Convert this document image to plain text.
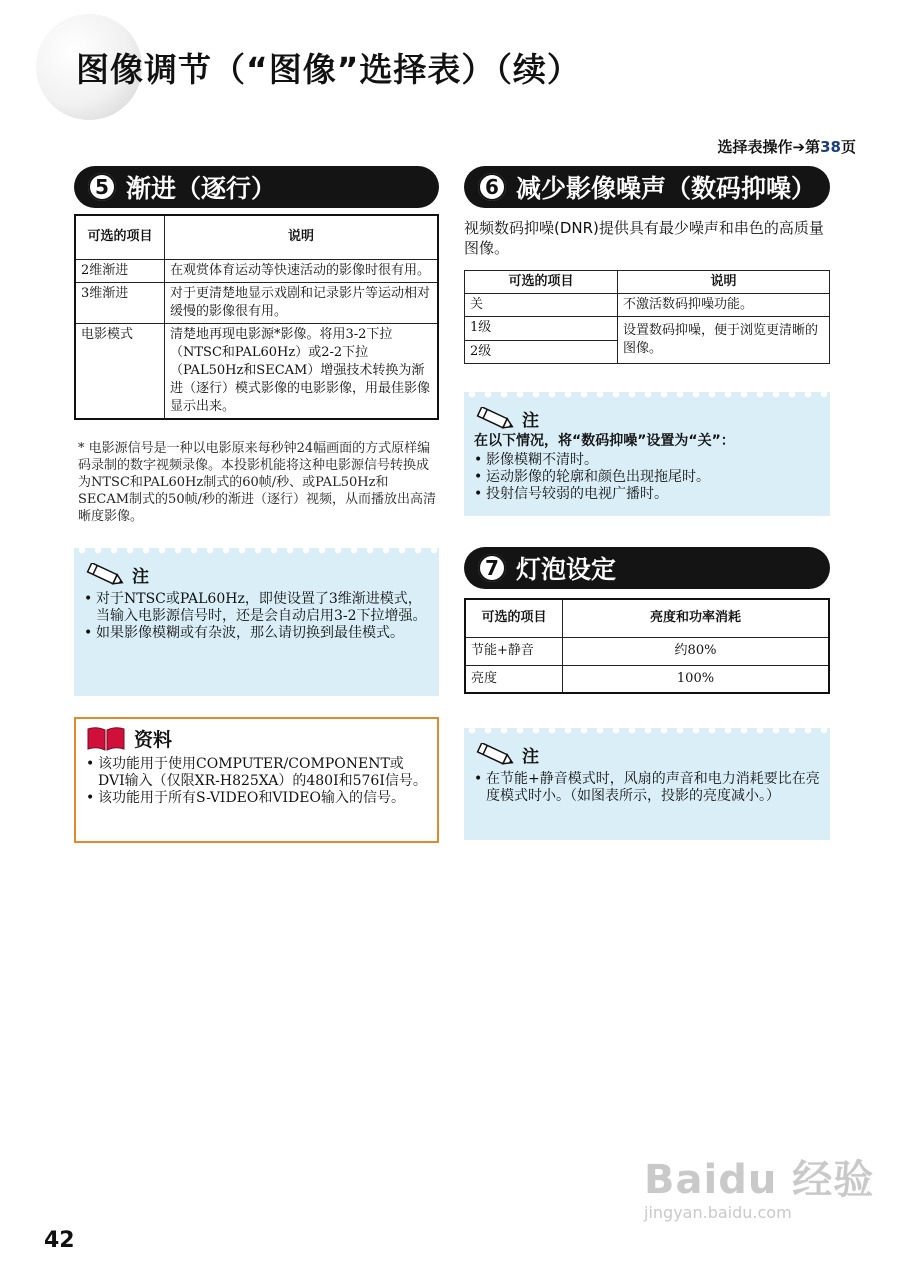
图像调节（“图像”选择表）（续）
选择表操作➔第38页
5 渐进（逐行）
可选的项目	说明
2维渐进	在观赏体育运动等快速活动的影像时很有用。
3维渐进	对于更清楚地显示戏剧和记录影片等运动相对缓慢的影像很有用。
电影模式	清楚地再现电影源*影像。将用3-2下拉（NTSC和PAL60Hz）或2-2下拉（PAL50Hz和SECAM）增强技术转换为渐进（逐行）模式影像的电影影像，用最佳影像显示出来。
* 电影源信号是一种以电影原来每秒钟24幅画面的方式原样编码录制的数字视频录像。本投影机能将这种电影源信号转换成为NTSC和PAL60Hz制式的60帧/秒、或PAL50Hz和SECAM制式的50帧/秒的渐进（逐行）视频，从而播放出高清晰度影像。
注
• 对于NTSC或PAL60Hz，即使设置了3维渐进模式，当输入电影源信号时，还是会自动启用3-2下拉增强。
• 如果影像模糊或有杂波，那么请切换到最佳模式。
资料
• 该功能用于使用COMPUTER/COMPONENT或DVI输入（仅限XR-H825XA）的480I和576I信号。
• 该功能用于所有S-VIDEO和VIDEO输入的信号。
6 减少影像噪声（数码抑噪）
视频数码抑噪(DNR)提供具有最少噪声和串色的高质量图像。
可选的项目	说明
关	不激活数码抑噪功能。
1级	设置数码抑噪，便于浏览更清晰的图像。
2级	
注
在以下情况，将“数码抑噪”设置为“关”：
• 影像模糊不清时。
• 运动影像的轮廓和颜色出现拖尾时。
• 投射信号较弱的电视广播时。
7 灯泡设定
可选的项目	亮度和功率消耗
节能+静音	约80%
亮度	100%
注
• 在节能+静音模式时，风扇的声音和电力消耗要比在亮度模式时小。（如图表所示，投影的亮度减小。）
42
Baidu 经验
jingyan.baidu.com
